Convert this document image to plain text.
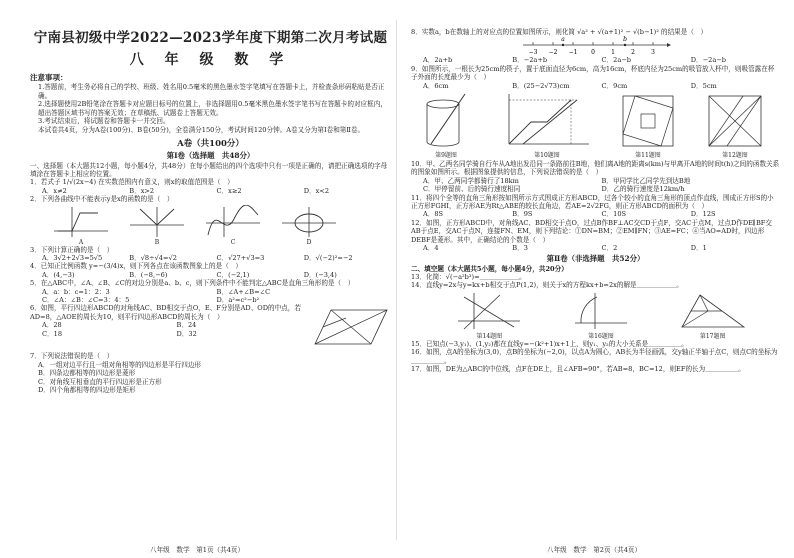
宁南县初级中学2022—2023学年度下期第二次月考试题
八 年 级 数 学
注意事项：

1.答题前，考生务必将自己的学校、班级、姓名用0.5毫米的黑色墨水签字笔填写在答题卡上，并检查条形码粘贴是否正确。

2.选择题使用2B铅笔涂在答题卡对应题目标号的位置上，非选择题用0.5毫米黑色墨水签字笔书写在答题卡的对应框内，超出答题区域书写的答案无效；在草稿纸、试题卷上答题无效。

3.考试结束后，将试题卷和答题卡一并交回。

本试卷共4页，分为A卷(100分)、B卷(50分)，全卷满分150分，考试时间120分钟。A卷又分为第Ⅰ卷和第Ⅱ卷。

A卷（共100分）
第Ⅰ卷（选择题　共48分）

一、选择题（本大题共12小题，每小题4分，共48分）在每小题给出的四个选项中只有一项是正确的，请把正确选项的字母填涂在答题卡上相应的位置。

1．若式子 1/√(2x−4) 在实数范围内有意义，则x的取值范围是（　）

A．x≠2	B．x>2	C．x≥2	D．x<2

2．下列各曲线中不能表示y是x的函数的是（　）

A	B	C	D

3．下列计算正确的是（　）

A．3√2+2√3=5√5	B．√8÷√4=√2	C．√27+√3=3	D．√(−2)²=−2

4．已知正比例函数 y=−(3/4)x，则下列各点在该函数图象上的是（　）

A．(4,−3)	B．(−8,−6)	C．(−2,1)	D．(−3,4)

5．在△ABC中，∠A、∠B、∠C的对边分别是a、b、c，则下列条件中不能判定△ABC是直角三角形的是（　）

A．a：b：c=1：2：3	B．∠A+∠B=∠C
C．∠A：∠B：∠C=3：4：5	D．a²=c²−b²

6．如图，平行四边形ABCD的对角线AC、BD相交于点O，E、F分别是AD、OD的中点，若AD=8，△AOE的周长为10，则平行四边形ABCD的周长为（　）

A．28	B．24
C．18	D．32

7．下列说法错误的是（　）

A．一组对边平行且一组对角相等的四边形是平行四边形

B．四条边都相等的四边形是菱形

C．对角线互相垂直的平行四边形是正方形

D．四个角都相等的四边形是矩形

八年级　数学　第1页（共4页）

8．实数a，b在数轴上的对应点的位置如图所示，则化简 √a² + √(a+1)² − √(b−1)² 的结果是（　）

−3 −2 −1 0	1	2	3
a	b
A．2a+b	B．−2a+b	C．2a−b	D．−2a−b

9．如图所示，一根长为25cm的筷子，置于底面直径为6cm，高为16cm，杯底内径为25cm的吸管放入杯中，则吸管露在杯子外面的长度最少为（　）

A．6cm	B．(25−2√73)cm	C．9cm	D．5cm
第9题图	第10题图	第11题图	第12题图

10．甲、乙两名同学骑自行车从A地出发沿同一条路前往B地，他们离A地的距离s(km)与甲离开A地的时间t(h)之间的函数关系的图象如图所示。根据图象提供的信息，下列说法错误的是（　）

A．甲、乙两同学都骑行了18km	B．甲同学比乙同学先到达B地
C．甲停留前、后的骑行速度相同	D．乙的骑行速度是12km/h

11．将四个全等的直角三角形按如图所示方式围成正方形ABCD，过各个较小的直角三角形的顶点作直线，围成正方形S的小正方形FGHI，正方形AE为Rt△ABE的较长直角边，若AE=2√2FG，则正方形ABCD的面积为（　）

A．8S	B．9S	C．10S	D．12S

12．如图，正方形ABCD中，对角线AC、BD相交于点O，过点B作BF⊥AC交CD于点F，交AC于点M，过点D作DE∥BF交AB于点E，交AC于点N，连接FN、EM，则下列结论：①DN=BM；②EM∥FN；③AE=FC；④当AO=AD时，四边形DEBF是菱形。其中，正确结论的个数是（　）

A．4	B．3	C．2	D．1
第Ⅱ卷（非选择题　共52分）

二、填空题（本大题共5小题，每小题4分，共20分）

13．化简：√(−a²b³)=＿＿＿＿＿＿。

14．直线y=2x与y=kx+b相交于点P(1,2)，则关于x的方程kx+b=2x的解是＿＿＿＿＿＿。

第14题图	第16题图	第17题图

15．已知点(−3,y₁)、(1,y₂)都在直线y=−(k²+1)x+1上，则y₁、y₂的大小关系是＿＿＿＿＿。

16．如图，点A的坐标为(3,0)，点B的坐标为(−2,0)，以点A为圆心，AB长为半径画弧，交y轴正半轴于点C，则点C的坐标为＿＿＿＿＿。

17．如图，DE为△ABC的中位线，点F在DE上，且∠AFB=90°，若AB=8，BC=12，则EF的长为＿＿＿＿＿。

八年级　数学　第2页（共4页）
